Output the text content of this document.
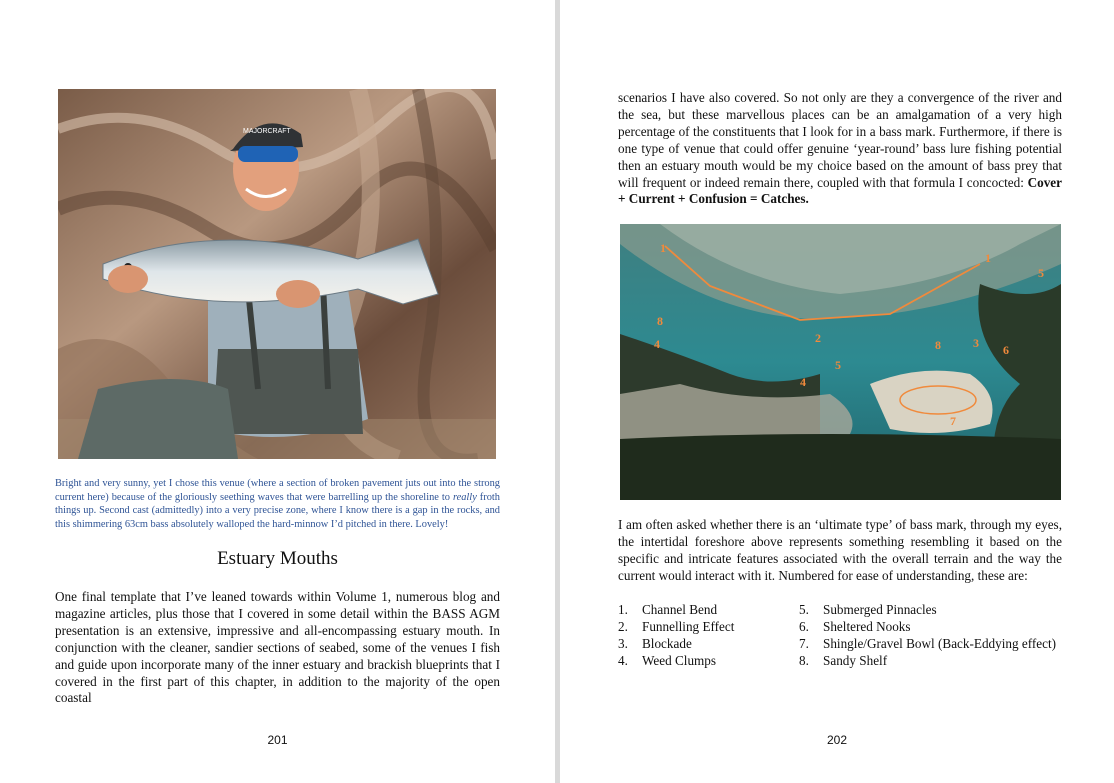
MAJORCRAFT

Bright and very sunny, yet I chose this venue (where a section of broken pavement juts out into the strong current here) because of the gloriously seething waves that were barrelling up the shoreline to really froth things up. Second cast (admittedly) into a very precise zone, where I know there is a gap in the rocks, and this shimmering 63cm bass absolutely walloped the hard-minnow I’d pitched in there. Lovely!

Estuary Mouths

One final template that I’ve leaned towards within Volume 1, numerous blog and magazine articles, plus those that I covered in some detail within the BASS AGM presentation is an extensive, impressive and all-encompassing estuary mouth. In conjunction with the cleaner, sandier sections of seabed, some of the venues I fish and guide upon incorporate many of the inner estuary and brackish blueprints that I covered in the first part of this chapter, in addition to the majority of the open coastal

201

scenarios I have also covered. So not only are they a convergence of the river and the sea, but these marvellous places can be an amalgamation of a very high percentage of the constituents that I look for in a bass mark. Furthermore, if there is one type of venue that could offer genuine ‘year-round’ bass lure fishing potential then an estuary mouth would be my choice based on the amount of bass prey that will frequent or indeed remain there, coupled with that formula I concocted: Cover + Current + Confusion = Catches.

1
1
5
8
4	2
5
8	3 6
4
7

I am often asked whether there is an ‘ultimate type’ of bass mark, through my eyes, the intertidal foreshore above represents something resembling it based on the specific and intricate features associated with the overall terrain and the way the current would interact with it. Numbered for ease of understanding, these are:

1. Channel Bend
2. Funnelling Effect
3. Blockade
4. Weed Clumps
5. Submerged Pinnacles
6. Sheltered Nooks
7. Shingle/Gravel Bowl (Back-Eddying effect)
8. Sandy Shelf
202
